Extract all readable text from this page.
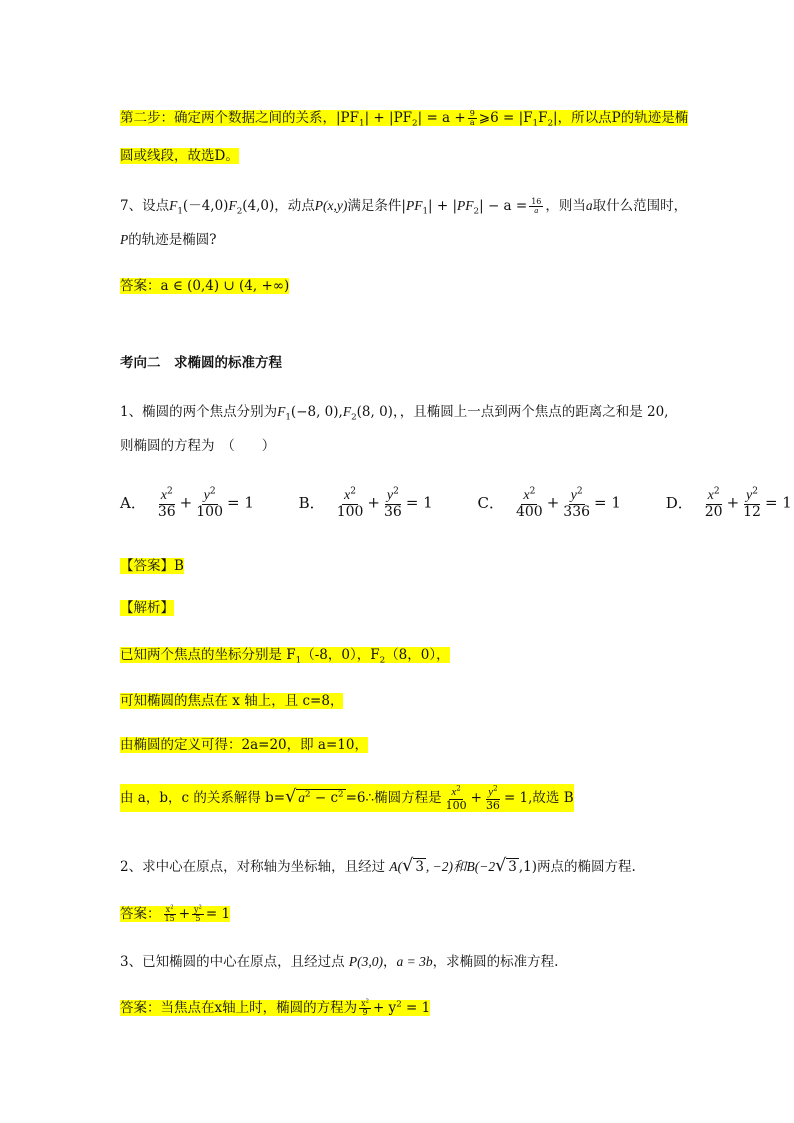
第二步：确定两个数据之间的关系，$|PF_1| + |PF_2| = a + \frac{9}{a}$ ⩾6 = $|F_1F_2|$，所以点P的轨迹是椭
圆或线段，故选D。
7、设点$F_1(-4,0)F_2(4,0)$，动点P(x,y)满足条件$|PF_1| + |PF_2| - a = \frac{16}{a}$ ，则当a取什么范围时，
P的轨迹是椭圆?
答案：a ∈ (0,4) ∪ (4, +∞)
考向二　求椭圆的标准方程
1、椭圆的两个焦点分别为$F_1(-8$, $0),F_2(8$, 0)，，且椭圆上一点到两个焦点的距离之和是 20,
则椭圆的方程为　（　　）
A． $\frac{x^2}{36} + \frac{y^2}{100} = 1$	B． $\frac{x^2}{100} + \frac{y^2}{36} = 1$	C． $\frac{x^2}{400} + \frac{y^2}{336} = 1$	D． $\frac{x^2}{20} + \frac{y^2}{12} = 1$
【答案】B
【解析】
已知两个焦点的坐标分别是 $F_1(-8$，0），$F_2(8$，0），
可知椭圆的焦点在 x 轴上，且 c=8，
由椭圆的定义可得：2a=20，即 a=10，
由 a，b，c 的关系解得 b=√ $a^2 - c^2$ =6∴椭圆方程是 $\frac{x^2}{100} + \frac{y^2}{36} = 1$,故选 B
2、求中心在原点，对称轴为坐标轴，且经过 A(√ 3 , −2)和B(−2√ 3 ,1)两点的椭圆方程.
答案： $\frac{x^2}{15} + \frac{y^2}{5} = 1$
3、已知椭圆的中心在原点，且经过点 P(3,0)，a = 3b，求椭圆的标准方程.
答案：当焦点在x轴上时，椭圆的方程为 $\frac{x^2}{9} + y^2 = 1$
